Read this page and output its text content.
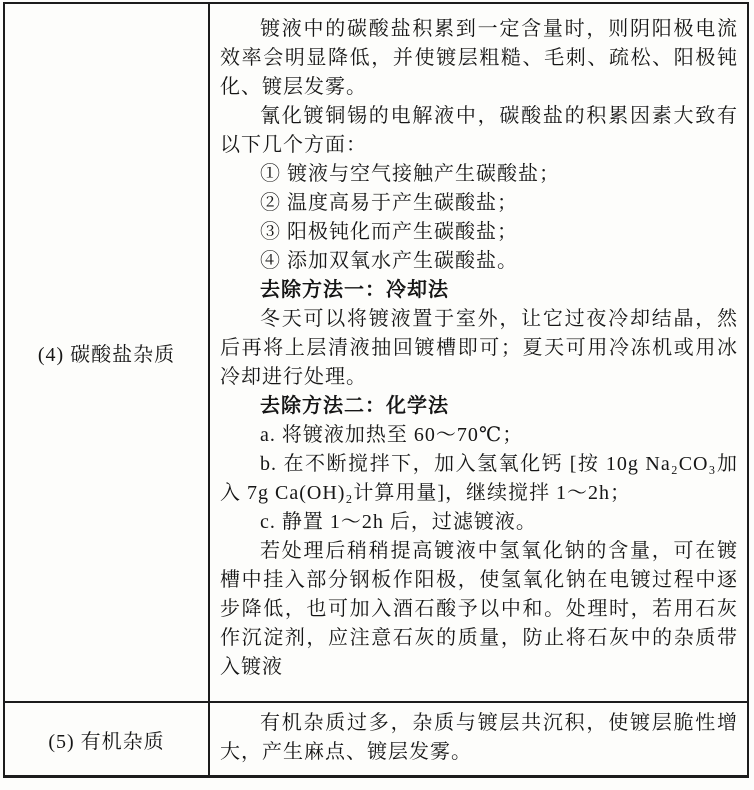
(4) 碳酸盐杂质
镀液中的碳酸盐积累到一定含量时，则阴阳极电流效率会明显降低，并使镀层粗糙、毛刺、疏松、阳极钝化、镀层发雾。
氰化镀铜锡的电解液中，碳酸盐的积累因素大致有以下几个方面：
① 镀液与空气接触产生碳酸盐；
② 温度高易于产生碳酸盐；
③ 阳极钝化而产生碳酸盐；
④ 添加双氧水产生碳酸盐。
去除方法一：冷却法
冬天可以将镀液置于室外，让它过夜冷却结晶，然后再将上层清液抽回镀槽即可；夏天可用冷冻机或用冰冷却进行处理。
去除方法二：化学法
a. 将镀液加热至 60～70℃；
b. 在不断搅拌下，加入氢氧化钙 [按 10g Na₂CO₃加入 7g Ca(OH)₂计算用量]，继续搅拌 1～2h；
c. 静置 1～2h 后，过滤镀液。
若处理后稍稍提高镀液中氢氧化钠的含量，可在镀槽中挂入部分钢板作阳极，使氢氧化钠在电镀过程中逐步降低，也可加入酒石酸予以中和。处理时，若用石灰作沉淀剂，应注意石灰的质量，防止将石灰中的杂质带入镀液
(5) 有机杂质
有机杂质过多，杂质与镀层共沉积，使镀层脆性增大，产生麻点、镀层发雾。
